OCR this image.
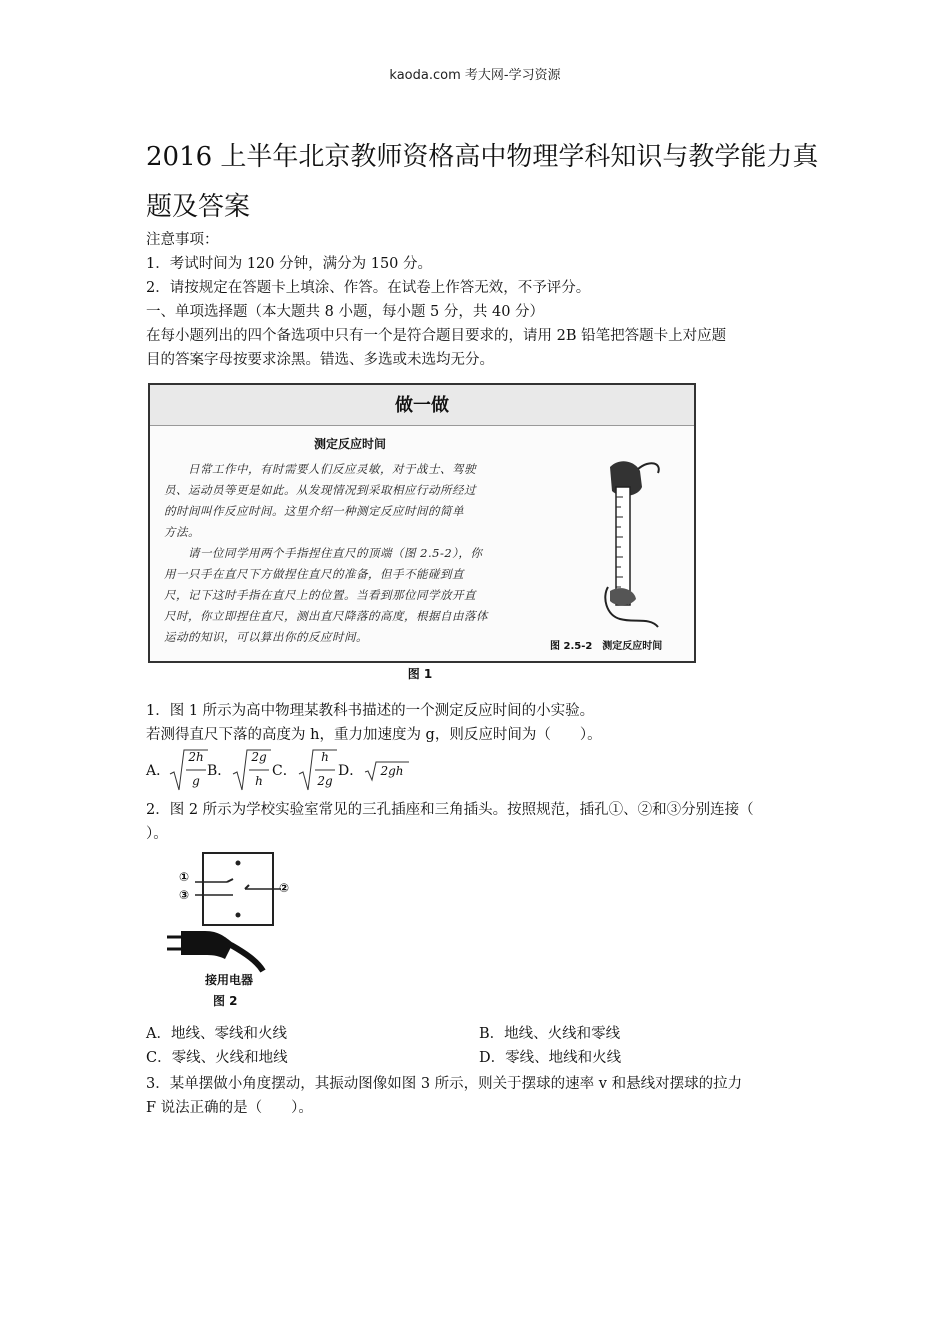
kaoda.com 考大网-学习资源
2016 上半年北京教师资格高中物理学科知识与教学能力真
题及答案
注意事项：
1．考试时间为 120 分钟，满分为 150 分。
2．请按规定在答题卡上填涂、作答。在试卷上作答无效，不予评分。
一、单项选择题（本大题共 8 小题，每小题 5 分，共 40 分）
在每小题列出的四个备选项中只有一个是符合题目要求的，请用 2B 铅笔把答题卡上对应题
目的答案字母按要求涂黑。错选、多选或未选均无分。
做一做
测定反应时间
日常工作中，有时需要人们反应灵敏，对于战士、驾驶
员、运动员等更是如此。从发现情况到采取相应行动所经过
的时间叫作反应时间。这里介绍一种测定反应时间的简单
方法。
请一位同学用两个手指捏住直尺的顶端（图 2.5-2），你
用一只手在直尺下方做捏住直尺的准备，但手不能碰到直
尺，记下这时手指在直尺上的位置。当看到那位同学放开直
尺时，你立即捏住直尺，测出直尺降落的高度，根据自由落体
运动的知识，可以算出你的反应时间。
图 2.5-2　测定反应时间
图 1
1．图 1 所示为高中物理某教科书描述的一个测定反应时间的小实验。
若测得直尺下落的高度为 h，重力加速度为 g，则反应时间为（　　）。
A．
2h
g
B．
2g
h
C．
h
2g
D． 2gh
2．图 2 所示为学校实验室常见的三孔插座和三角插头。按照规范，插孔①、②和③分别连接（
）。
①
③	②
接用电器
图 2
A．地线、零线和火线	B．地线、火线和零线
C．零线、火线和地线	D．零线、地线和火线
3．某单摆做小角度摆动，其振动图像如图 3 所示，则关于摆球的速率 v 和悬线对摆球的拉力
F 说法正确的是（　　）。
